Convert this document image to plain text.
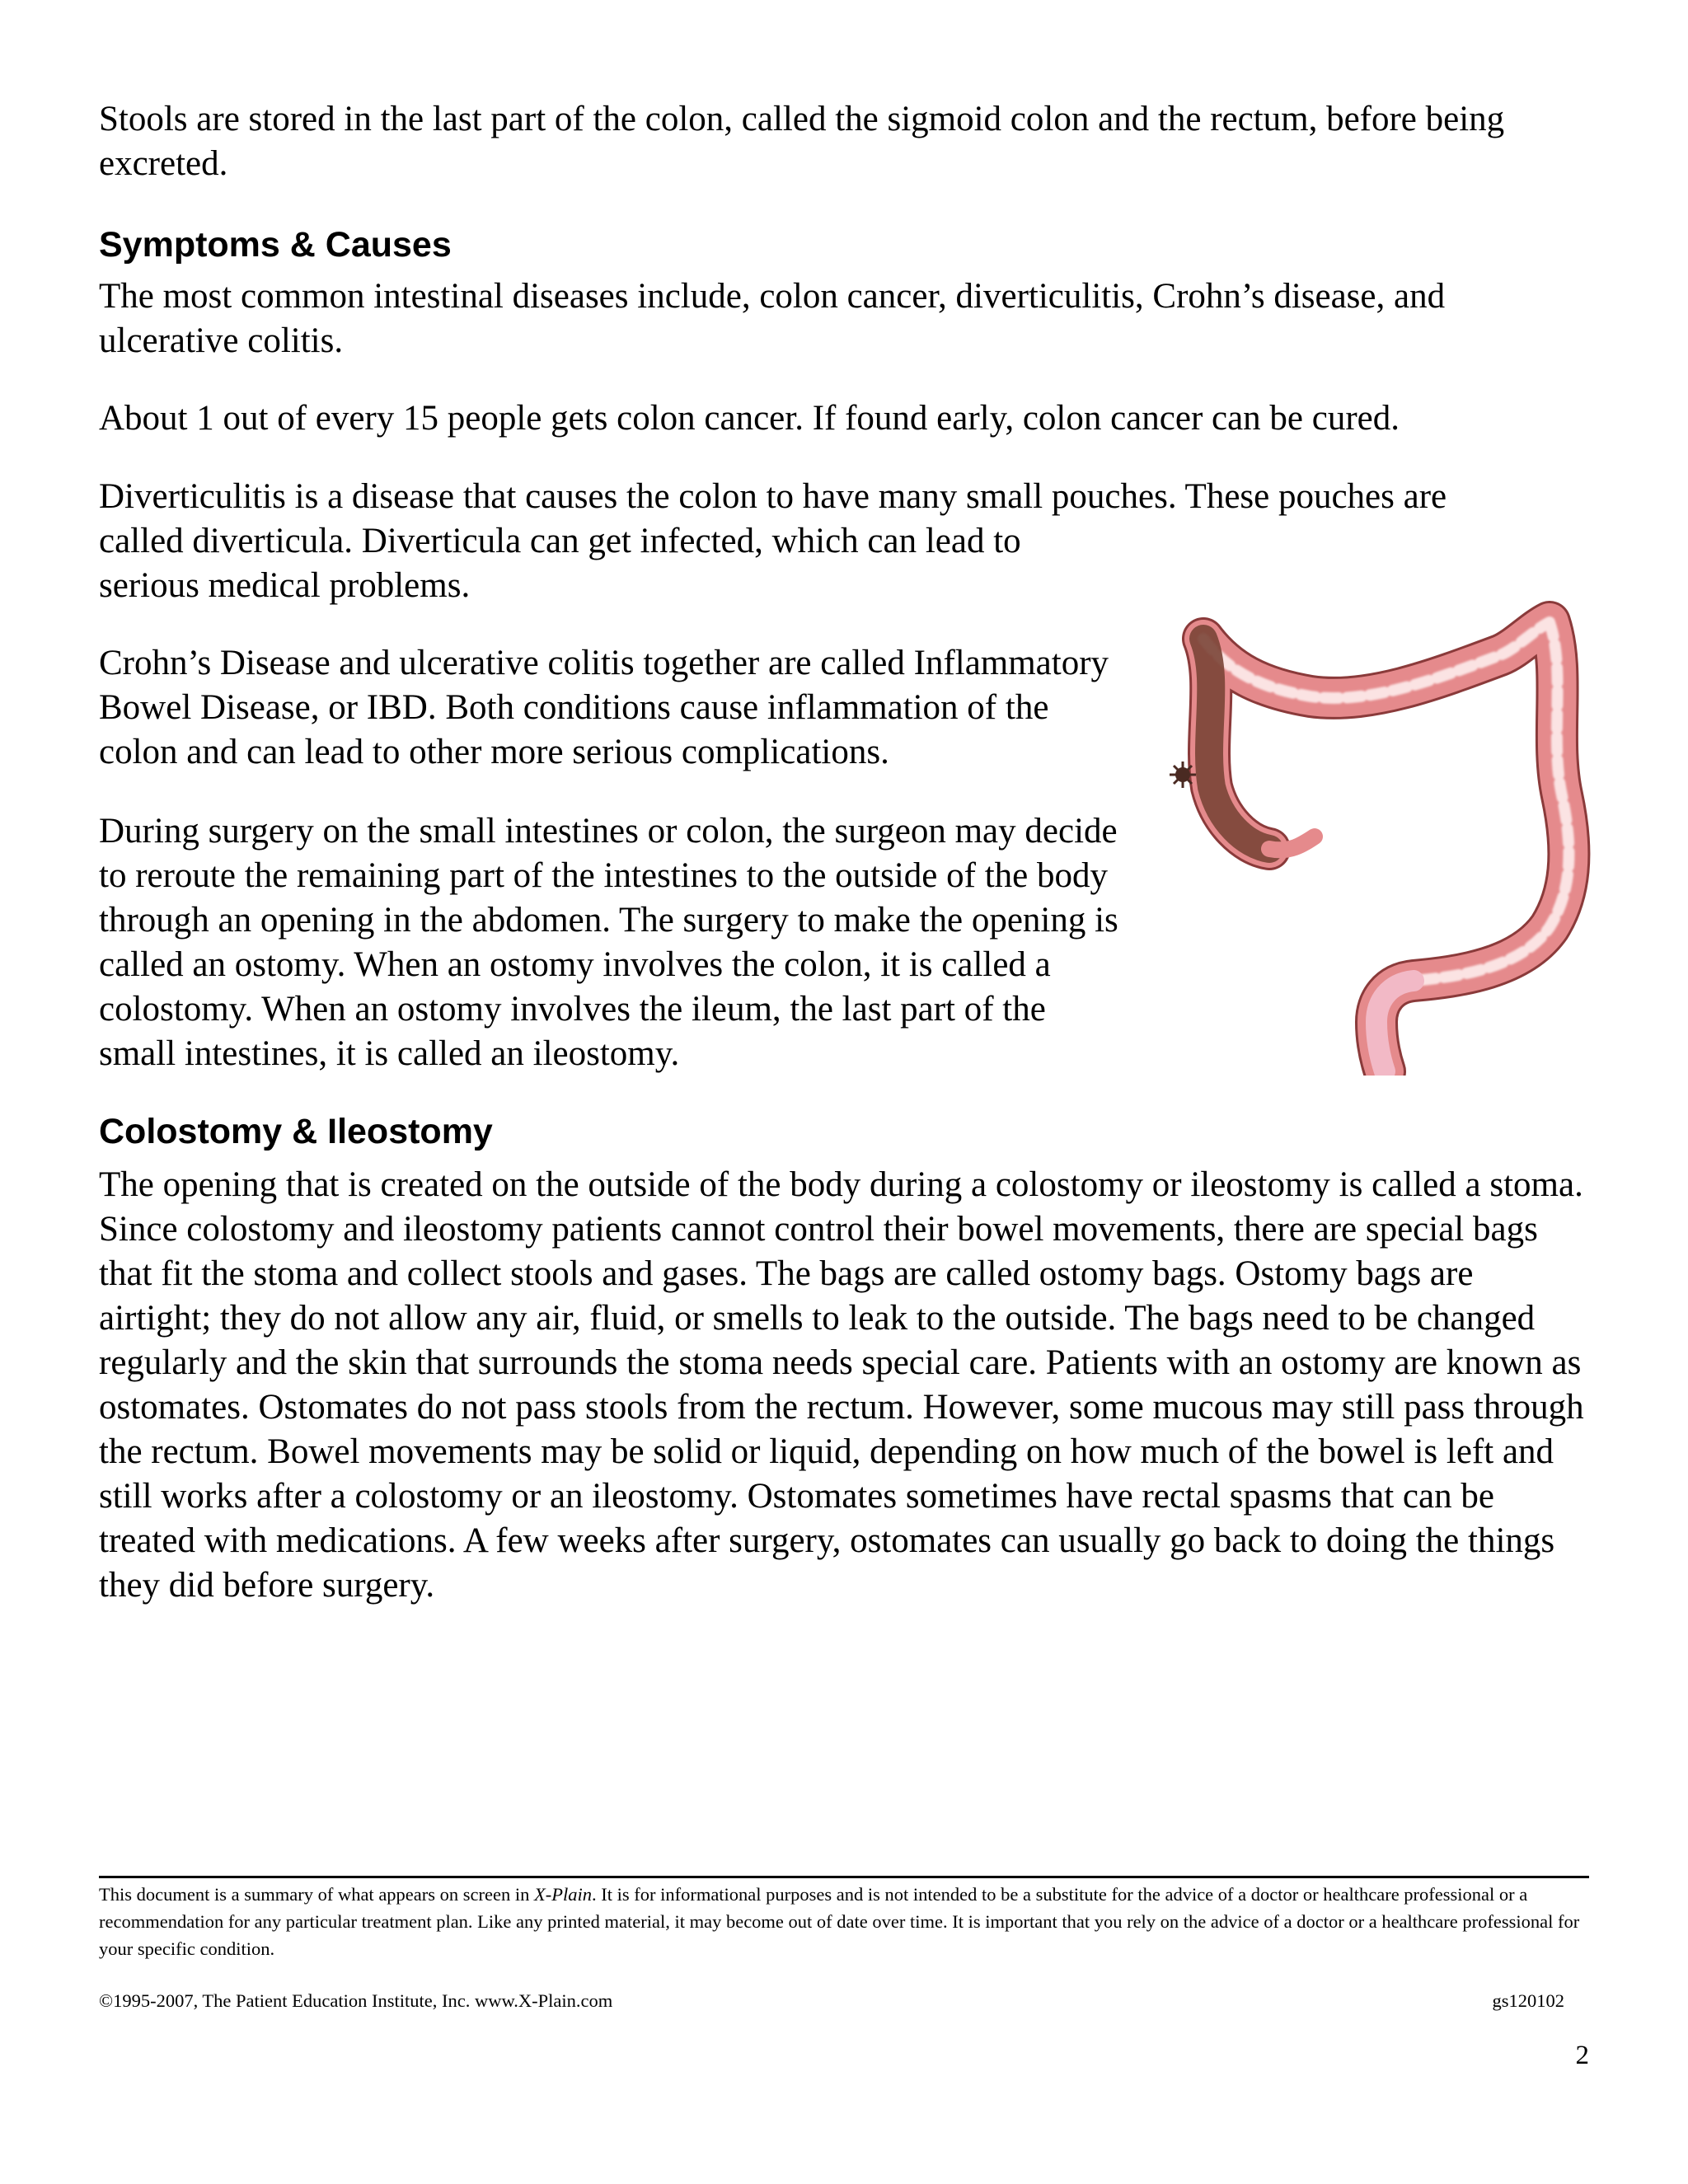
Stools are stored in the last part of the colon, called the sigmoid colon and the rectum, before being excreted.

Symptoms & Causes

The most common intestinal diseases include, colon cancer, diverticulitis, Crohn’s disease, and ulcerative colitis.

About 1 out of every 15 people gets colon cancer. If found early, colon cancer can be cured.

Diverticulitis is a disease that causes the colon to have many small pouches. These pouches are

called diverticula. Diverticula can get infected, which can lead to serious medical problems.

Crohn’s Disease and ulcerative colitis together are called Inflammatory Bowel Disease, or IBD. Both conditions cause inflammation of the colon and can lead to other more serious complications.

During surgery on the small intestines or colon, the surgeon may decide to reroute the remaining part of the intestines to the outside of the body through an opening in the abdomen. The surgery to make the opening is called an ostomy. When an ostomy involves the colon, it is called a colostomy. When an ostomy involves the ileum, the last part of the small intestines, it is called an ileostomy.

Colostomy & Ileostomy

The opening that is created on the outside of the body during a colostomy or ileostomy is called a stoma. Since colostomy and ileostomy patients cannot control their bowel movements, there are special bags that fit the stoma and collect stools and gases. The bags are called ostomy bags. Ostomy bags are airtight; they do not allow any air, fluid, or smells to leak to the outside. The bags need to be changed regularly and the skin that surrounds the stoma needs special care. Patients with an ostomy are known as ostomates. Ostomates do not pass stools from the rectum. However, some mucous may still pass through the rectum. Bowel movements may be solid or liquid, depending on how much of the bowel is left and still works after a colostomy or an ileostomy. Ostomates sometimes have rectal spasms that can be treated with medications. A few weeks after surgery, ostomates can usually go back to doing the things they did before surgery.

This document is a summary of what appears on screen in X-Plain. It is for informational purposes and is not intended to be a substitute for the advice of a doctor or healthcare professional or a recommendation for any particular treatment plan. Like any printed material, it may become out of date over time. It is important that you rely on the advice of a doctor or a healthcare professional for your specific condition.

©1995-2007, The Patient Education Institute, Inc. www.X-Plain.com	gs120102

2
